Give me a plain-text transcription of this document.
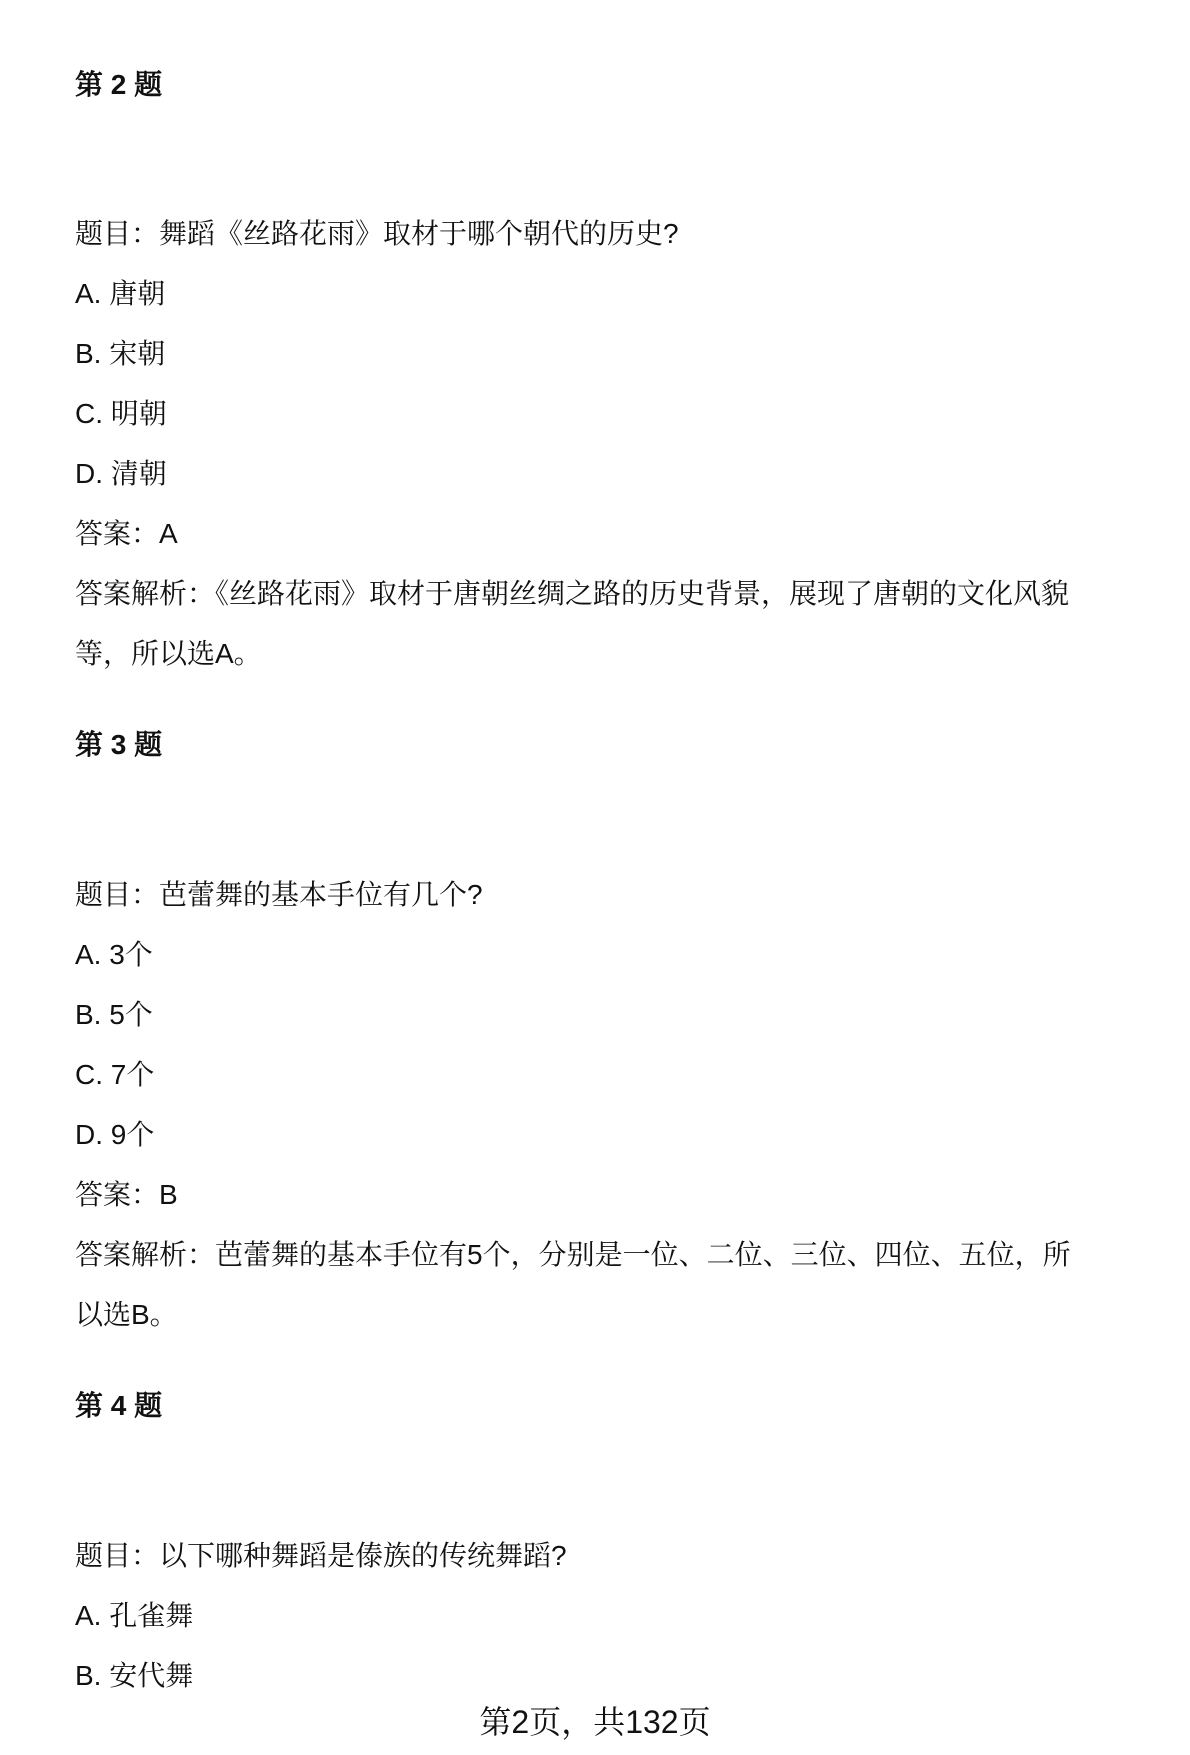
第 2 题
题目：舞蹈《丝路花雨》取材于哪个朝代的历史?
A. 唐朝
B. 宋朝
C. 明朝
D. 清朝
答案：A
答案解析：《丝路花雨》取材于唐朝丝绸之路的历史背景，展现了唐朝的文化风貌
等，所以选A。
第 3 题
题目：芭蕾舞的基本手位有几个?
A. 3个
B. 5个
C. 7个
D. 9个
答案：B
答案解析：芭蕾舞的基本手位有5个，分别是一位、二位、三位、四位、五位，所
以选B。
第 4 题
题目：以下哪种舞蹈是傣族的传统舞蹈?
A. 孔雀舞
B. 安代舞
第2页，共132页
